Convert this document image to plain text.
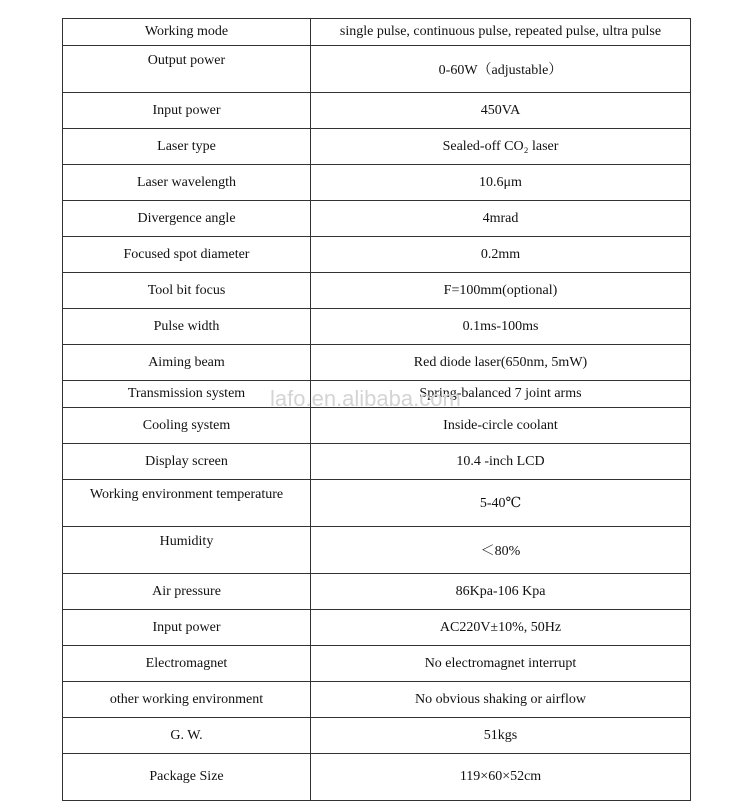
Working mode	single pulse, continuous pulse, repeated pulse, ultra pulse
Output power	0-60W（adjustable）
Input power	450VA
Laser type	Sealed-off CO₂ laser
Laser wavelength	10.6μm
Divergence angle	4mrad
Focused spot diameter	0.2mm
Tool bit focus	F=100mm(optional)
Pulse width	0.1ms-100ms
Aiming beam	Red diode laser(650nm, 5mW)
Transmission system	Spring-balanced 7 joint arms
Cooling system	Inside-circle coolant
Display screen	10.4 -inch LCD
Working environment temperature	5-40℃
Humidity	＜80%
Air pressure	86Kpa-106 Kpa
Input power	AC220V±10%, 50Hz
Electromagnet	No electromagnet interrupt
other working environment	No obvious shaking or airflow
G. W.	51kgs
Package Size	119×60×52cm
lafo.en.alibaba.com
